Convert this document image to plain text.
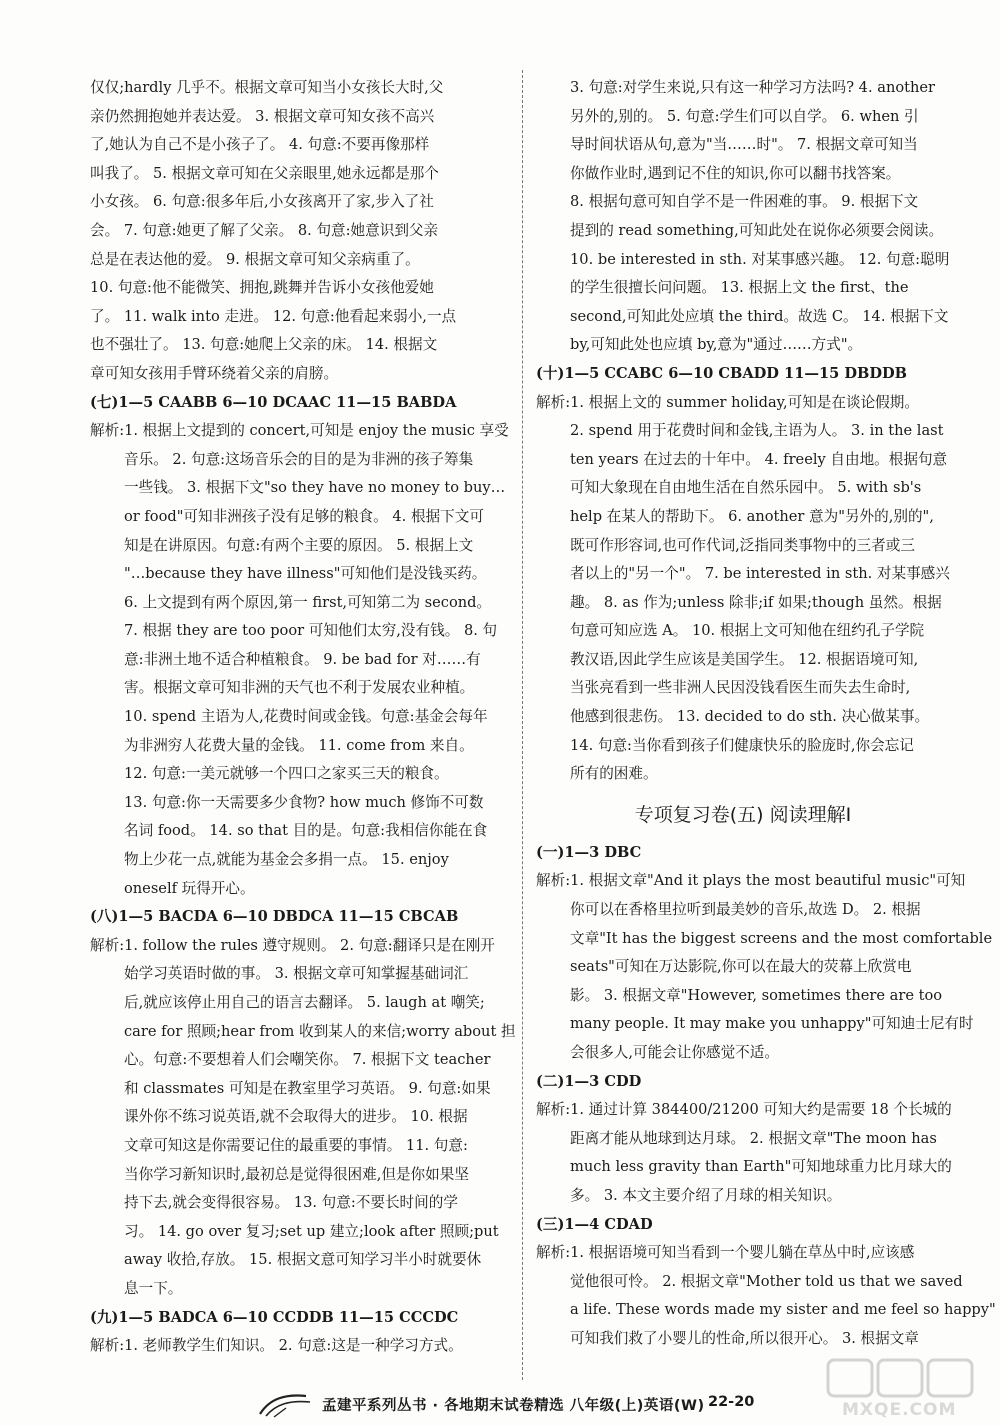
仅仅;hardly 几乎不。根据文章可知当小女孩长大时,父
亲仍然拥抱她并表达爱。 3. 根据文章可知女孩不高兴
了,她认为自己不是小孩子了。 4. 句意:不要再像那样
叫我了。 5. 根据文章可知在父亲眼里,她永远都是那个
小女孩。 6. 句意:很多年后,小女孩离开了家,步入了社
会。 7. 句意:她更了解了父亲。 8. 句意:她意识到父亲
总是在表达他的爱。 9. 根据文章可知父亲病重了。
10. 句意:他不能微笑、拥抱,跳舞并告诉小女孩他爱她
了。 11. walk into 走进。 12. 句意:他看起来弱小,一点
也不强壮了。 13. 句意:她爬上父亲的床。 14. 根据文
章可知女孩用手臂环绕着父亲的肩膀。
(七)1—5 CAABB 6—10 DCAAC 11—15 BABDA
解析:1. 根据上文提到的 concert,可知是 enjoy the music 享受
音乐。 2. 句意:这场音乐会的目的是为非洲的孩子筹集
一些钱。 3. 根据下文"so they have no money to buy…
or food"可知非洲孩子没有足够的粮食。 4. 根据下文可
知是在讲原因。句意:有两个主要的原因。 5. 根据上文
"…because they have illness"可知他们是没钱买药。
6. 上文提到有两个原因,第一 first,可知第二为 second。
7. 根据 they are too poor 可知他们太穷,没有钱。 8. 句
意:非洲土地不适合种植粮食。 9. be bad for 对……有
害。根据文章可知非洲的天气也不利于发展农业种植。
10. spend 主语为人,花费时间或金钱。句意:基金会每年
为非洲穷人花费大量的金钱。 11. come from 来自。
12. 句意:一美元就够一个四口之家买三天的粮食。
13. 句意:你一天需要多少食物? how much 修饰不可数
名词 food。 14. so that 目的是。句意:我相信你能在食
物上少花一点,就能为基金会多捐一点。 15. enjoy
oneself 玩得开心。
(八)1—5 BACDA 6—10 DBDCA 11—15 CBCAB
解析:1. follow the rules 遵守规则。 2. 句意:翻译只是在刚开
始学习英语时做的事。 3. 根据文章可知掌握基础词汇
后,就应该停止用自己的语言去翻译。 5. laugh at 嘲笑;
care for 照顾;hear from 收到某人的来信;worry about 担
心。句意:不要想着人们会嘲笑你。 7. 根据下文 teacher
和 classmates 可知是在教室里学习英语。 9. 句意:如果
课外你不练习说英语,就不会取得大的进步。 10. 根据
文章可知这是你需要记住的最重要的事情。 11. 句意:
当你学习新知识时,最初总是觉得很困难,但是你如果坚
持下去,就会变得很容易。 13. 句意:不要长时间的学
习。 14. go over 复习;set up 建立;look after 照顾;put
away 收拾,存放。 15. 根据文意可知学习半小时就要休
息一下。
(九)1—5 BADCA 6—10 CCDDB 11—15 CCCDC
解析:1. 老师教学生们知识。 2. 句意:这是一种学习方式。
3. 句意:对学生来说,只有这一种学习方法吗? 4. another
另外的,别的。 5. 句意:学生们可以自学。 6. when 引
导时间状语从句,意为"当……时"。 7. 根据文章可知当
你做作业时,遇到记不住的知识,你可以翻书找答案。
8. 根据句意可知自学不是一件困难的事。 9. 根据下文
提到的 read something,可知此处在说你必须要会阅读。
10. be interested in sth. 对某事感兴趣。 12. 句意:聪明
的学生很擅长问问题。 13. 根据上文 the first、the
second,可知此处应填 the third。故选 C。 14. 根据下文
by,可知此处也应填 by,意为"通过……方式"。
(十)1—5 CCABC 6—10 CBADD 11—15 DBDDB
解析:1. 根据上文的 summer holiday,可知是在谈论假期。
2. spend 用于花费时间和金钱,主语为人。 3. in the last
ten years 在过去的十年中。 4. freely 自由地。根据句意
可知大象现在自由地生活在自然乐园中。 5. with sb's
help 在某人的帮助下。 6. another 意为"另外的,别的",
既可作形容词,也可作代词,泛指同类事物中的三者或三
者以上的"另一个"。 7. be interested in sth. 对某事感兴
趣。 8. as 作为;unless 除非;if 如果;though 虽然。根据
句意可知应选 A。 10. 根据上文可知他在纽约孔子学院
教汉语,因此学生应该是美国学生。 12. 根据语境可知,
当张亮看到一些非洲人民因没钱看医生而失去生命时,
他感到很悲伤。 13. decided to do sth. 决心做某事。
14. 句意:当你看到孩子们健康快乐的脸庞时,你会忘记
所有的困难。
专项复习卷(五) 阅读理解Ⅰ
(一)1—3 DBC
解析:1. 根据文章"And it plays the most beautiful music"可知
你可以在香格里拉听到最美妙的音乐,故选 D。 2. 根据
文章"It has the biggest screens and the most comfortable
seats"可知在万达影院,你可以在最大的荧幕上欣赏电
影。 3. 根据文章"However, sometimes there are too
many people. It may make you unhappy"可知迪士尼有时
会很多人,可能会让你感觉不适。
(二)1—3 CDD
解析:1. 通过计算 384400/21200 可知大约是需要 18 个长城的
距离才能从地球到达月球。 2. 根据文章"The moon has
much less gravity than Earth"可知地球重力比月球大的
多。 3. 本文主要介绍了月球的相关知识。
(三)1—4 CDAD
解析:1. 根据语境可知当看到一个婴儿躺在草丛中时,应该感
觉他很可怜。 2. 根据文章"Mother told us that we saved
a life. These words made my sister and me feel so happy"
可知我们救了小婴儿的性命,所以很开心。 3. 根据文章
孟建平系列丛书 · 各地期末试卷精选 八年级(上)英语(W) 22-20	MXQE.COM
